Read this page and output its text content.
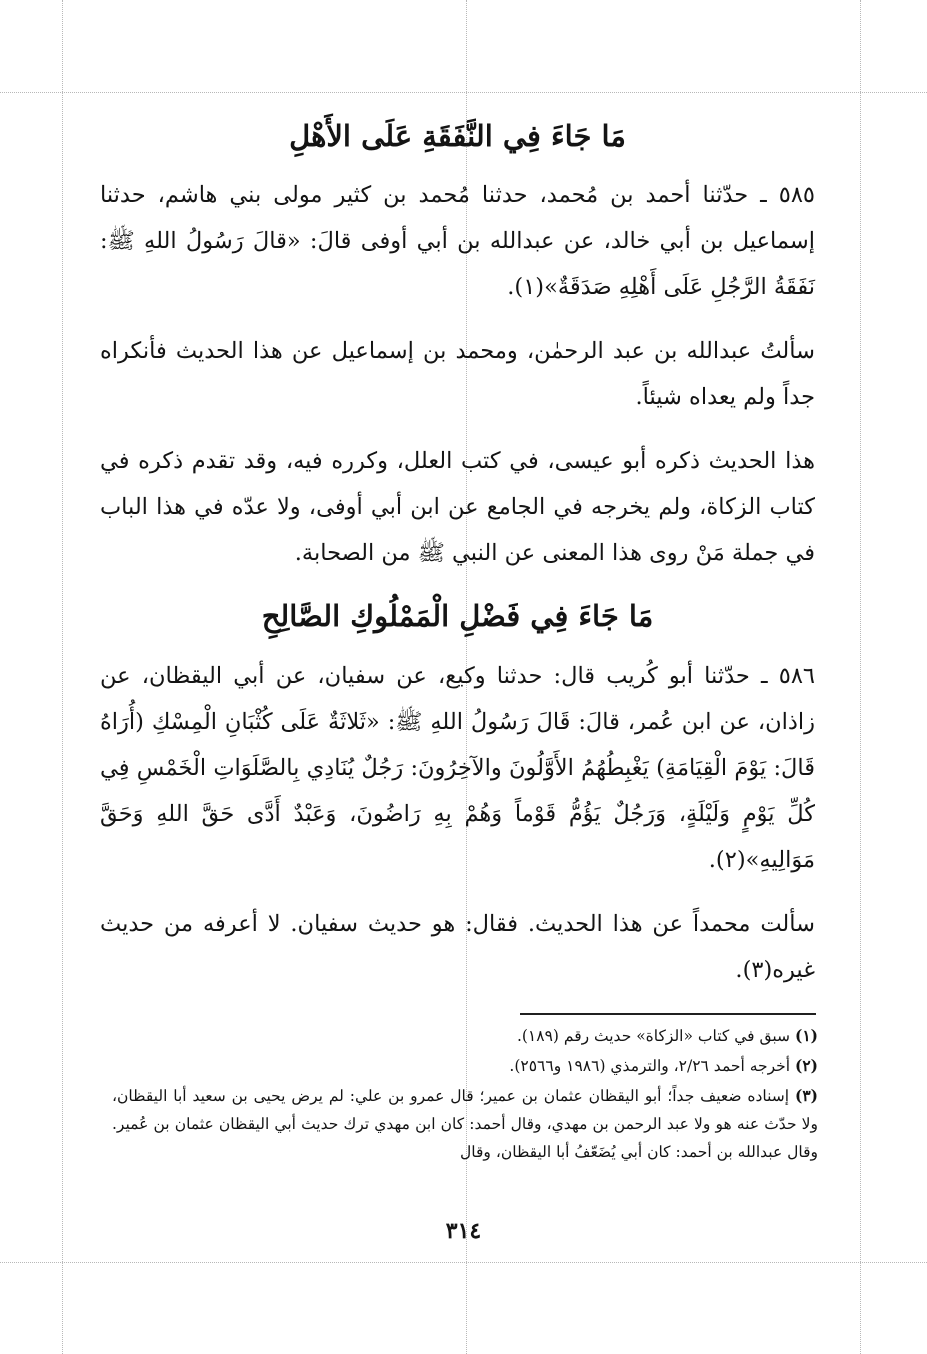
مَا جَاءَ فِي النَّفَقَةِ عَلَى الأَهْلِ

٥٨٥ ـ حدّثنا أحمد بن مُحمد، حدثنا مُحمد بن كثير مولى بني هاشم، حدثنا إسماعيل بن أبي خالد، عن عبدالله بن أبي أوفى قالَ: «قالَ رَسُولُ اللهِ ﷺ: نَفَقَةُ الرَّجُلِ عَلَى أَهْلِهِ صَدَقَةٌ»(١).

سألتُ عبدالله بن عبد الرحمٰن، ومحمد بن إسماعيل عن هذا الحديث فأنكراه جداً ولم يعداه شيئاً.

هذا الحديث ذكره أبو عيسى، في كتب العلل، وكرره فيه، وقد تقدم ذكره في كتاب الزكاة، ولم يخرجه في الجامع عن ابن أبي أوفى، ولا عدّه في هذا الباب في جملة مَنْ روى هذا المعنى عن النبي ﷺ من الصحابة.

مَا جَاءَ فِي فَضْلِ الْمَمْلُوكِ الصَّالِحِ

٥٨٦ ـ حدّثنا أبو كُريب قال: حدثنا وكيع، عن سفيان، عن أبي اليقظان، عن زاذان، عن ابن عُمر، قالَ: قَالَ رَسُولُ اللهِ ﷺ: «ثَلاثَةٌ عَلَى كُثْبَانِ الْمِسْكِ (أُرَاهُ قَالَ: يَوْمَ الْقِيَامَةِ) يَغْبِطُهُمُ الأَوَّلُونَ والآخِرُونَ: رَجُلٌ يُنَادِي بِالصَّلَوَاتِ الْخَمْسِ فِي كُلِّ يَوْمٍ وَلَيْلَةٍ، وَرَجُلٌ يَؤُمُّ قَوْماً وَهُمْ بِهِ رَاضُونَ، وَعَبْدٌ أَدَّى حَقَّ اللهِ وَحَقَّ مَوَالِيهِ»(٢).

سألت محمداً عن هذا الحديث. فقال: هو حديث سفيان. لا أعرفه من حديث غيره(٣).

(١) سبق في كتاب «الزكاة» حديث رقم (١٨٩).

(٢) أخرجه أحمد ٢/٢٦، والترمذي (١٩٨٦ و٢٥٦٦).

(٣) إسناده ضعيف جداً؛ أبو اليقظان عثمان بن عمير؛ قال عمرو بن علي: لم يرض يحيى بن سعيد أبا اليقظان، ولا حدّث عنه هو ولا عبد الرحمن بن مهدي، وقال أحمد: كان ابن مهدي ترك حديث أبي اليقظان عثمان بن عُمير. وقال عبدالله بن أحمد: كان أبي يُضَعّفُ أبا اليقظان، وقال

٣١٤
